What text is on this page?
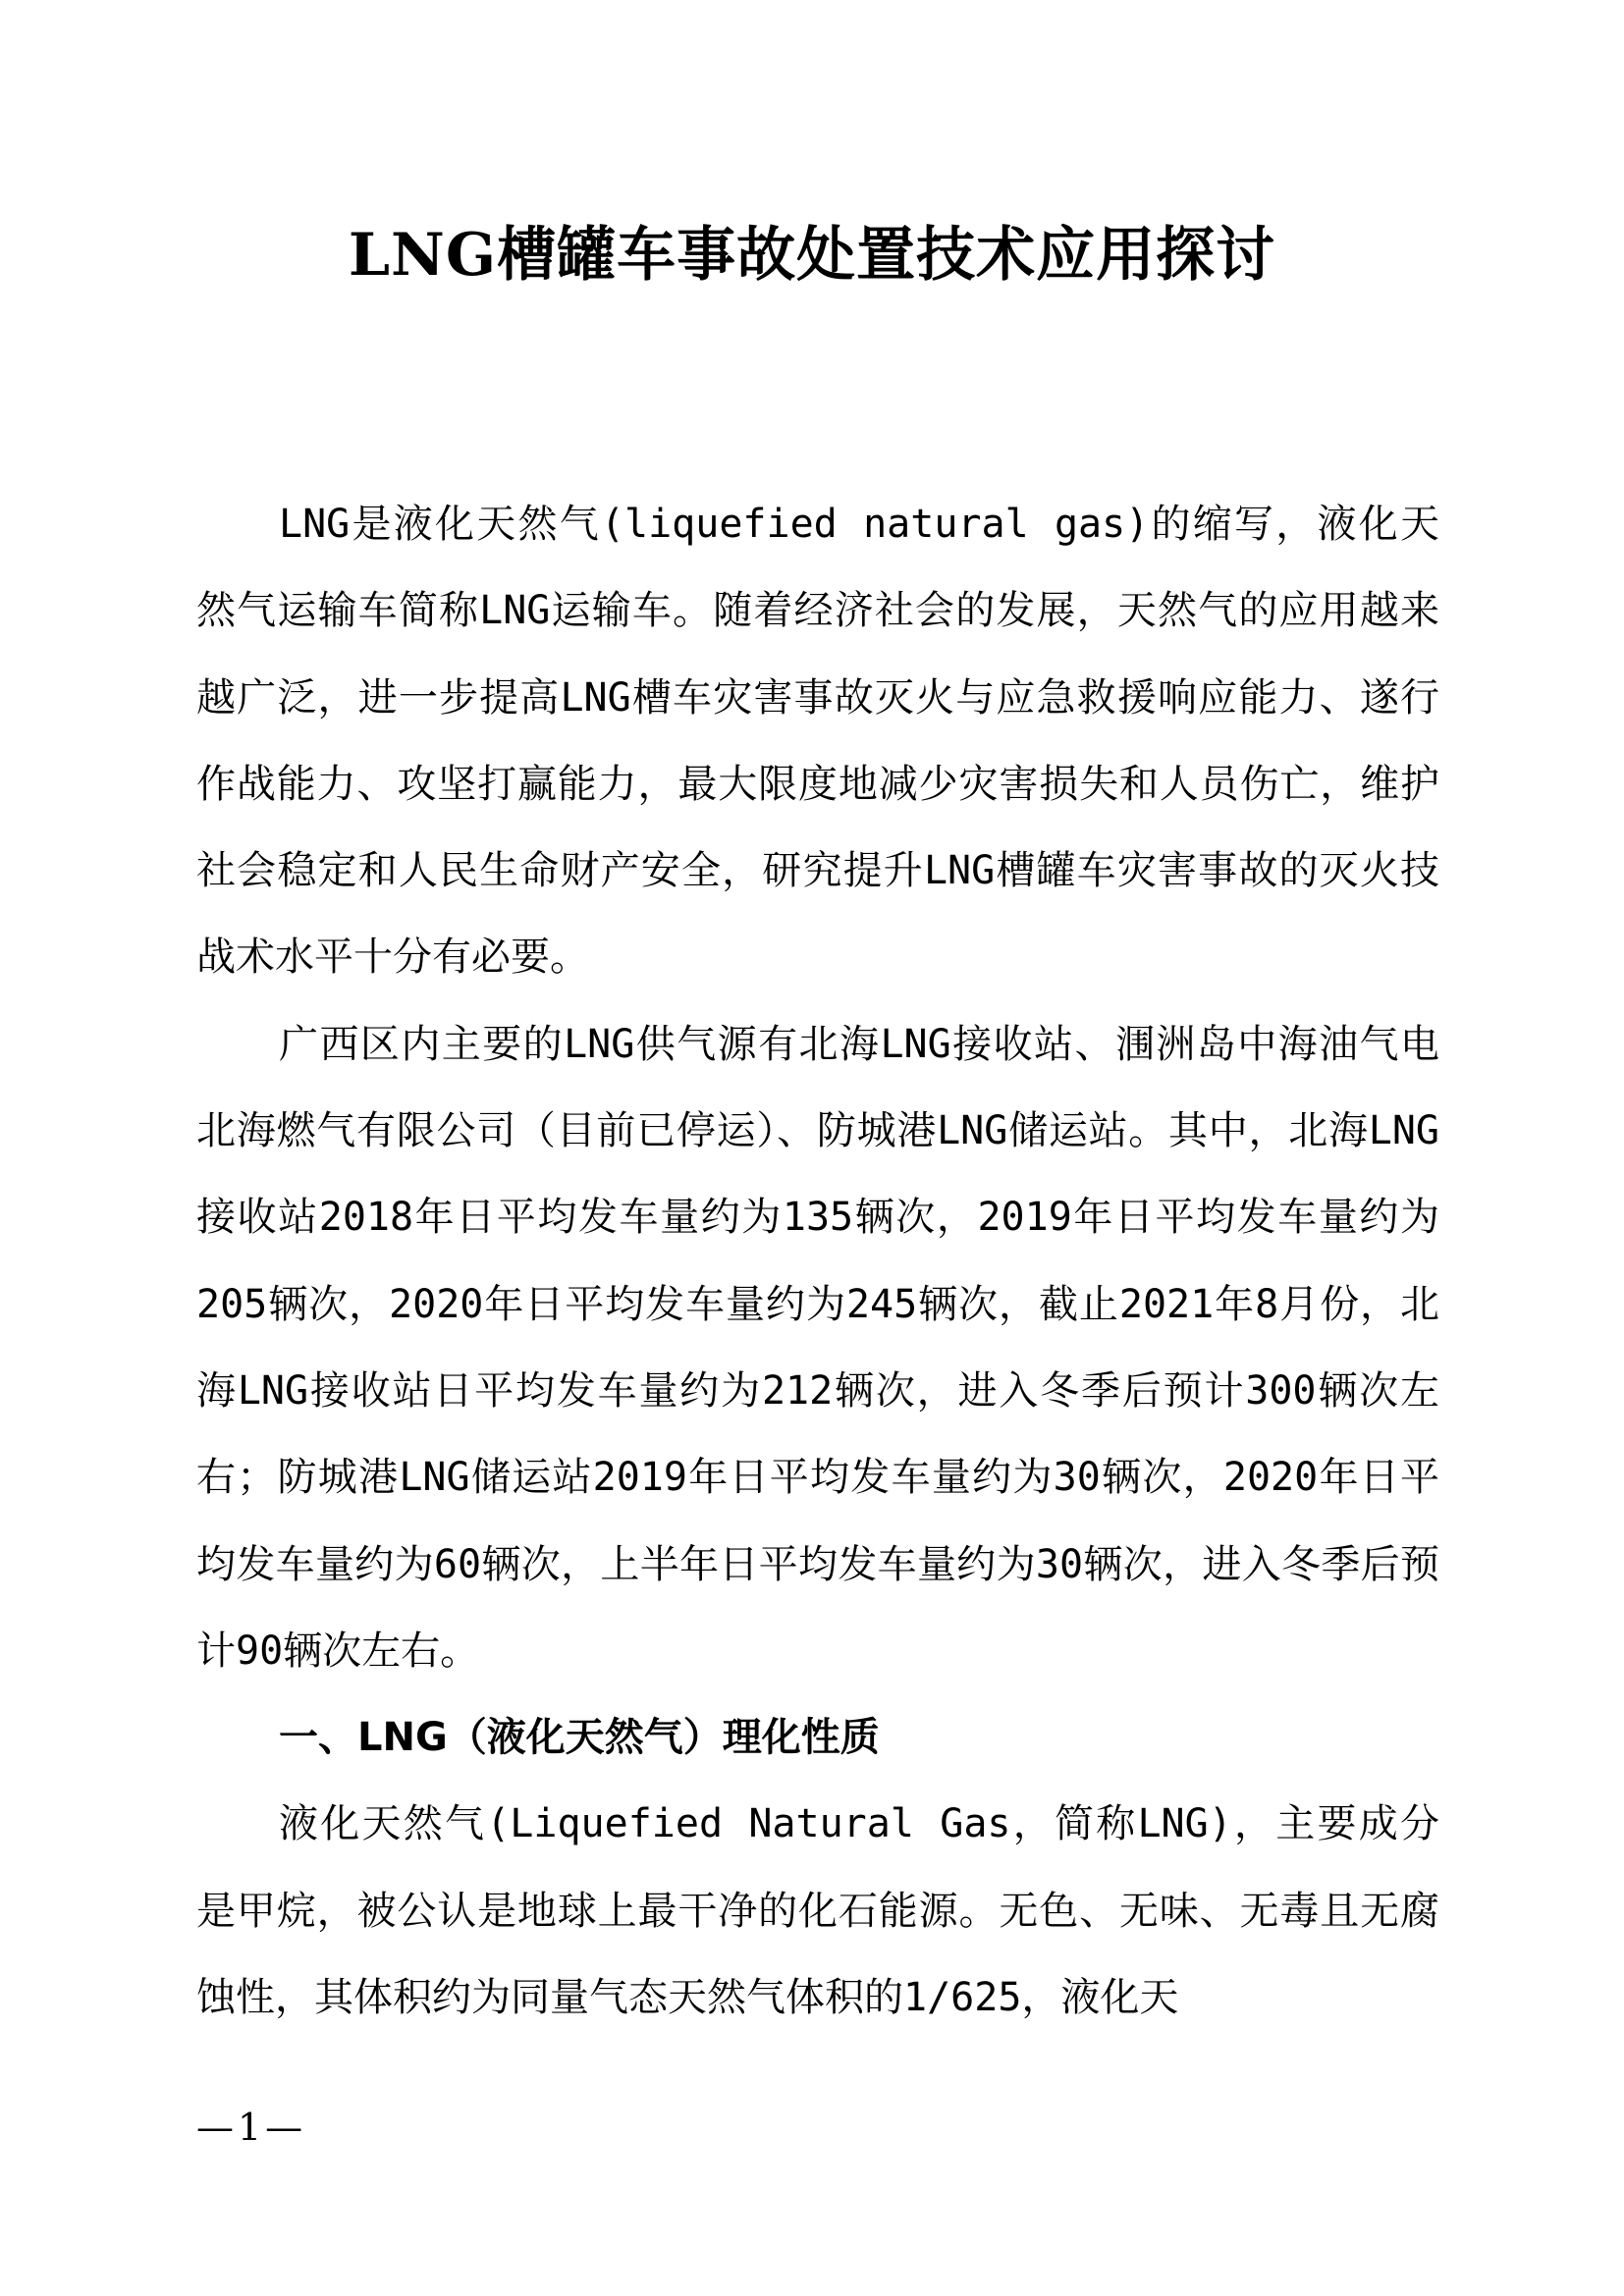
LNG槽罐车事故处置技术应用探讨

LNG是液化天然气(liquefied natural gas)的缩写，液化天然气运输车简称LNG运输车。随着经济社会的发展，天然气的应用越来越广泛，进一步提高LNG槽车灾害事故灭火与应急救援响应能力、遂行作战能力、攻坚打赢能力，最大限度地减少灾害损失和人员伤亡，维护社会稳定和人民生命财产安全，研究提升LNG槽罐车灾害事故的灭火技战术水平十分有必要。

广西区内主要的LNG供气源有北海LNG接收站、涠洲岛中海油气电北海燃气有限公司（目前已停运）、防城港LNG储运站。其中，北海LNG接收站2018年日平均发车量约为135辆次，2019年日平均发车量约为205辆次，2020年日平均发车量约为245辆次，截止2021年8月份，北海LNG接收站日平均发车量约为212辆次，进入冬季后预计300辆次左右；防城港LNG储运站2019年日平均发车量约为30辆次，2020年日平均发车量约为60辆次，上半年日平均发车量约为30辆次，进入冬季后预计90辆次左右。

一、LNG（液化天然气）理化性质

液化天然气(Liquefied Natural Gas，简称LNG)，主要成分是甲烷，被公认是地球上最干净的化石能源。无色、无味、无毒且无腐蚀性，其体积约为同量气态天然气体积的1/625，液化天

—1—
